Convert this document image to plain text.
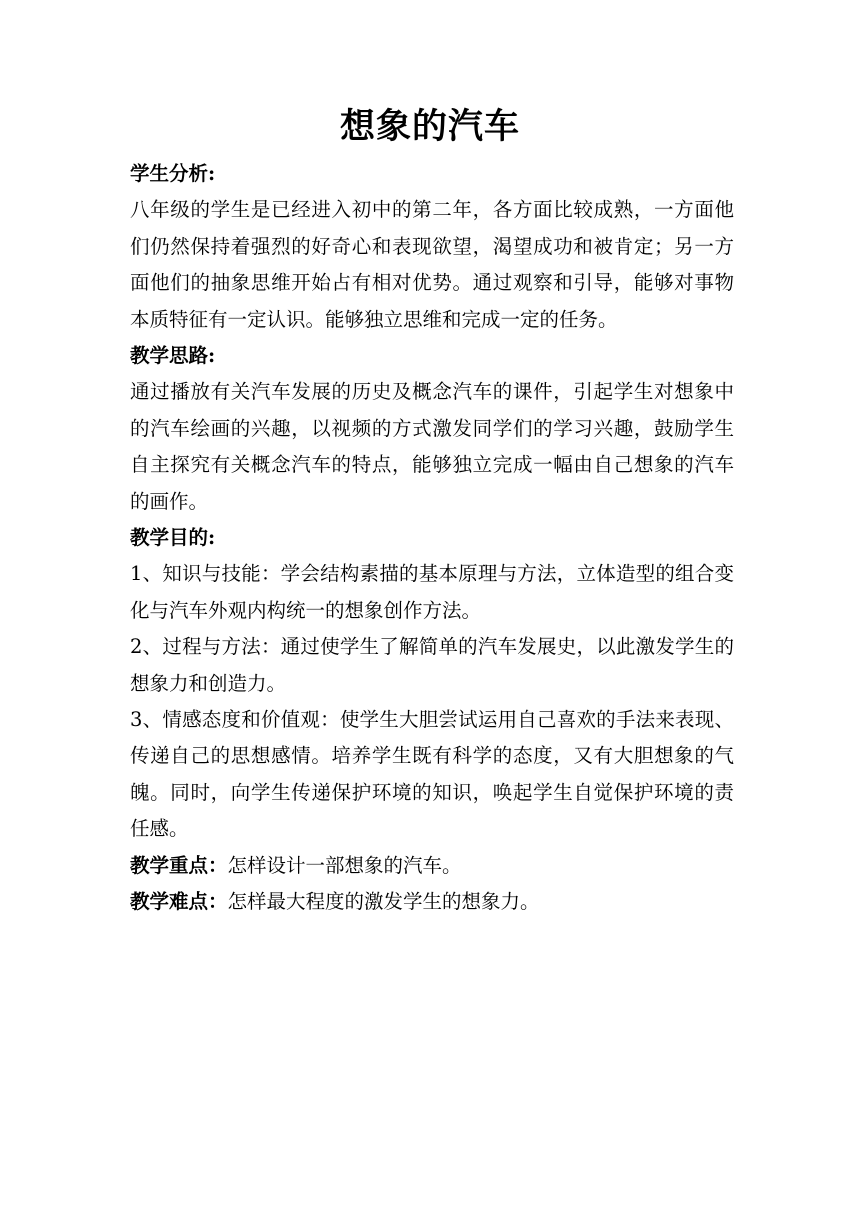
想象的汽车

学生分析:

八年级的学生是已经进入初中的第二年，各方面比较成熟，一方面他们仍然保持着强烈的好奇心和表现欲望，渴望成功和被肯定；另一方面他们的抽象思维开始占有相对优势。通过观察和引导，能够对事物本质特征有一定认识。能够独立思维和完成一定的任务。

教学思路:

通过播放有关汽车发展的历史及概念汽车的课件，引起学生对想象中的汽车绘画的兴趣，以视频的方式激发同学们的学习兴趣，鼓励学生自主探究有关概念汽车的特点，能够独立完成一幅由自己想象的汽车的画作。

教学目的:

1、知识与技能：学会结构素描的基本原理与方法，立体造型的组合变化与汽车外观内构统一的想象创作方法。

2、过程与方法：通过使学生了解简单的汽车发展史，以此激发学生的想象力和创造力。

3、情感态度和价值观：使学生大胆尝试运用自己喜欢的手法来表现、传递自己的思想感情。培养学生既有科学的态度，又有大胆想象的气魄。同时，向学生传递保护环境的知识，唤起学生自觉保护环境的责任感。

教学重点：怎样设计一部想象的汽车。

教学难点：怎样最大程度的激发学生的想象力。
